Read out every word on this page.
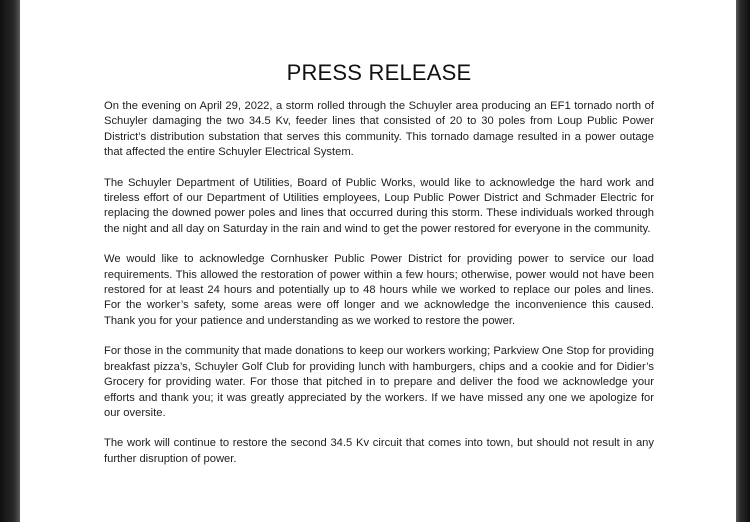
PRESS RELEASE

On the evening on April 29, 2022, a storm rolled through the Schuyler area producing an EF1 tornado north of Schuyler damaging the two 34.5 Kv, feeder lines that consisted of 20 to 30 poles from Loup Public Power District’s distribution substation that serves this community. This tornado damage resulted in a power outage that affected the entire Schuyler Electrical System.

The Schuyler Department of Utilities, Board of Public Works, would like to acknowledge the hard work and tireless effort of our Department of Utilities employees, Loup Public Power District and Schmader Electric for replacing the downed power poles and lines that occurred during this storm. These individuals worked through the night and all day on Saturday in the rain and wind to get the power restored for everyone in the community.

We would like to acknowledge Cornhusker Public Power District for providing power to service our load requirements. This allowed the restoration of power within a few hours; otherwise, power would not have been restored for at least 24 hours and potentially up to 48 hours while we worked to replace our poles and lines. For the worker’s safety, some areas were off longer and we acknowledge the inconvenience this caused. Thank you for your patience and understanding as we worked to restore the power.

For those in the community that made donations to keep our workers working; Parkview One Stop for providing breakfast pizza’s, Schuyler Golf Club for providing lunch with hamburgers, chips and a cookie and for Didier’s Grocery for providing water. For those that pitched in to prepare and deliver the food we acknowledge your efforts and thank you; it was greatly appreciated by the workers. If we have missed any one we apologize for our oversite.

The work will continue to restore the second 34.5 Kv circuit that comes into town, but should not result in any further disruption of power.
